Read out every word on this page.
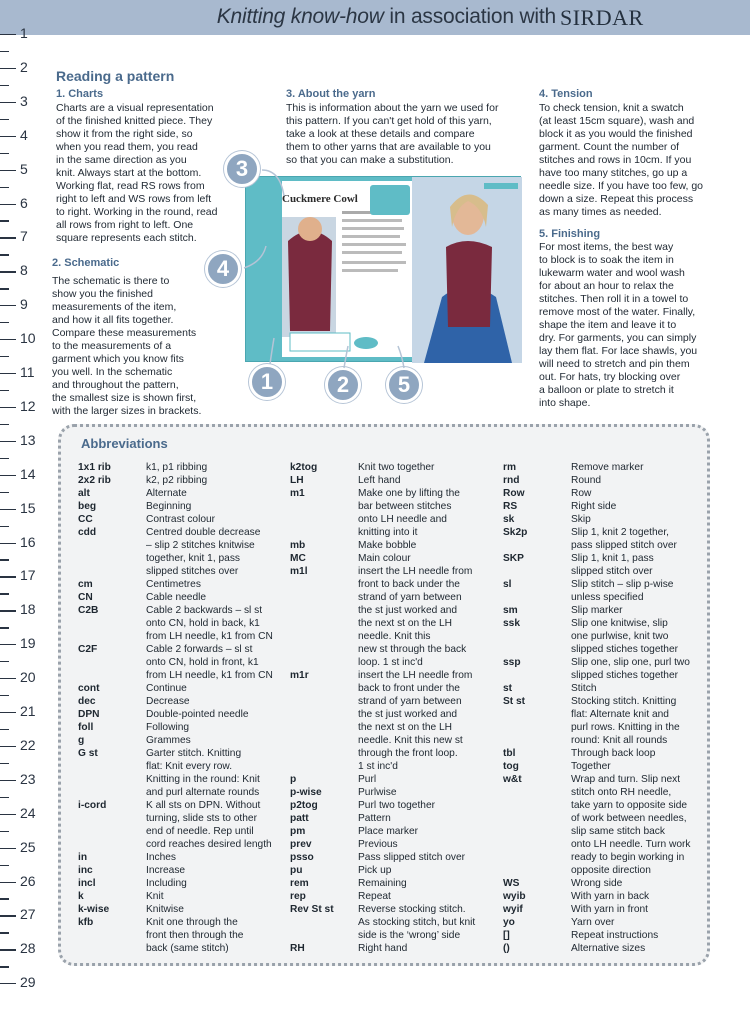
Knitting know-how in association with SIRDAR
1
2
3
4
5
6
7
8
9
10
11
12
13
14
15
16
17
18
19
20
21
22
23
24
25
26
27
28
29
Reading a pattern
1. Charts
Charts are a visual representation
of the finished knitted piece. They
show it from the right side, so
when you read them, you read
in the same direction as you
knit. Always start at the bottom.
Working flat, read RS rows from
right to left and WS rows from left
to right. Working in the round, read
all rows from right to left. One
square represents each stitch.
2. Schematic
The schematic is there to
show you the finished
measurements of the item,
and how it all fits together.
Compare these measurements
to the measurements of a
garment which you know fits
you well. In the schematic
and throughout the pattern,
the smallest size is shown first,
with the larger sizes in brackets.
3. About the yarn
This is information about the yarn we used for
this pattern. If you can't get hold of this yarn,
take a look at these details and compare
them to other yarns that are available to you
so that you can make a substitution.
4. Tension
To check tension, knit a swatch
(at least 15cm square), wash and
block it as you would the finished
garment. Count the number of
stitches and rows in 10cm. If you
have too many stitches, go up a
needle size. If you have too few, go
down a size. Repeat this process
as many times as needed.
5. Finishing
For most items, the best way
to block is to soak the item in
lukewarm water and wool wash
for about an hour to relax the
stitches. Then roll it in a towel to
remove most of the water. Finally,
shape the item and leave it to
dry. For garments, you can simply
lay them flat. For lace shawls, you
will need to stretch and pin them
out. For hats, try blocking over
a balloon or plate to stretch it
into shape.
Cuckmere Cowl
3
4
1	2	5
Abbreviations
1x1 rib	k1, p1 ribbing
2x2 rib	k2, p2 ribbing
alt	Alternate
beg	Beginning
CC	Contrast colour
cdd	Centred double decrease
– slip 2 stitches knitwise
together, knit 1, pass
slipped stitches over
cm	Centimetres
CN	Cable needle
C2B	Cable 2 backwards – sl st
onto CN, hold in back, k1
from LH needle, k1 from CN
C2F	Cable 2 forwards – sl st
onto CN, hold in front, k1
from LH needle, k1 from CN
cont	Continue
dec	Decrease
DPN	Double-pointed needle
foll	Following
g	Grammes
G st	Garter stitch. Knitting
flat: Knit every row.
Knitting in the round: Knit
and purl alternate rounds
i-cord	K all sts on DPN. Without
turning, slide sts to other
end of needle. Rep until
cord reaches desired length
in	Inches
inc	Increase
incl	Including
k	Knit
k-wise	Knitwise
kfb	Knit one through the
front then through the
back (same stitch)
k2tog	Knit two together
LH	Left hand
m1	Make one by lifting the
bar between stitches
onto LH needle and
knitting into it
mb	Make bobble
MC	Main colour
m1l	insert the LH needle from
front to back under the
strand of yarn between
the st just worked and
the next st on the LH
needle. Knit this
new st through the back
loop. 1 st inc'd
m1r	insert the LH needle from
back to front under the
strand of yarn between
the st just worked and
the next st on the LH
needle. Knit this new st
through the front loop.
1 st inc'd
p	Purl
p-wise	Purlwise
p2tog	Purl two together
patt	Pattern
pm	Place marker
prev	Previous
psso	Pass slipped stitch over
pu	Pick up
rem	Remaining
rep	Repeat
Rev St st Reverse stocking stitch.
As stocking stitch, but knit
side is the ‘wrong’ side
RH	Right hand
rm	Remove marker
rnd	Round
Row	Row
RS	Right side
sk	Skip
Sk2p	Slip 1, knit 2 together,
pass slipped stitch over
SKP	Slip 1, knit 1, pass
slipped stitch over
sl	Slip stitch – slip p-wise
unless specified
sm	Slip marker
ssk	Slip one knitwise, slip
one purlwise, knit two
slipped stiches together
ssp	Slip one, slip one, purl two
slipped stiches together
st	Stitch
St st	Stocking stitch. Knitting
flat: Alternate knit and
purl rows. Knitting in the
round: Knit all rounds
tbl	Through back loop
tog	Together
w&t	Wrap and turn. Slip next
stitch onto RH needle,
take yarn to opposite side
of work between needles,
slip same stitch back
onto LH needle. Turn work
ready to begin working in
opposite direction
WS	Wrong side
wyib	With yarn in back
wyif	With yarn in front
yo	Yarn over
[]	Repeat instructions
()	Alternative sizes
